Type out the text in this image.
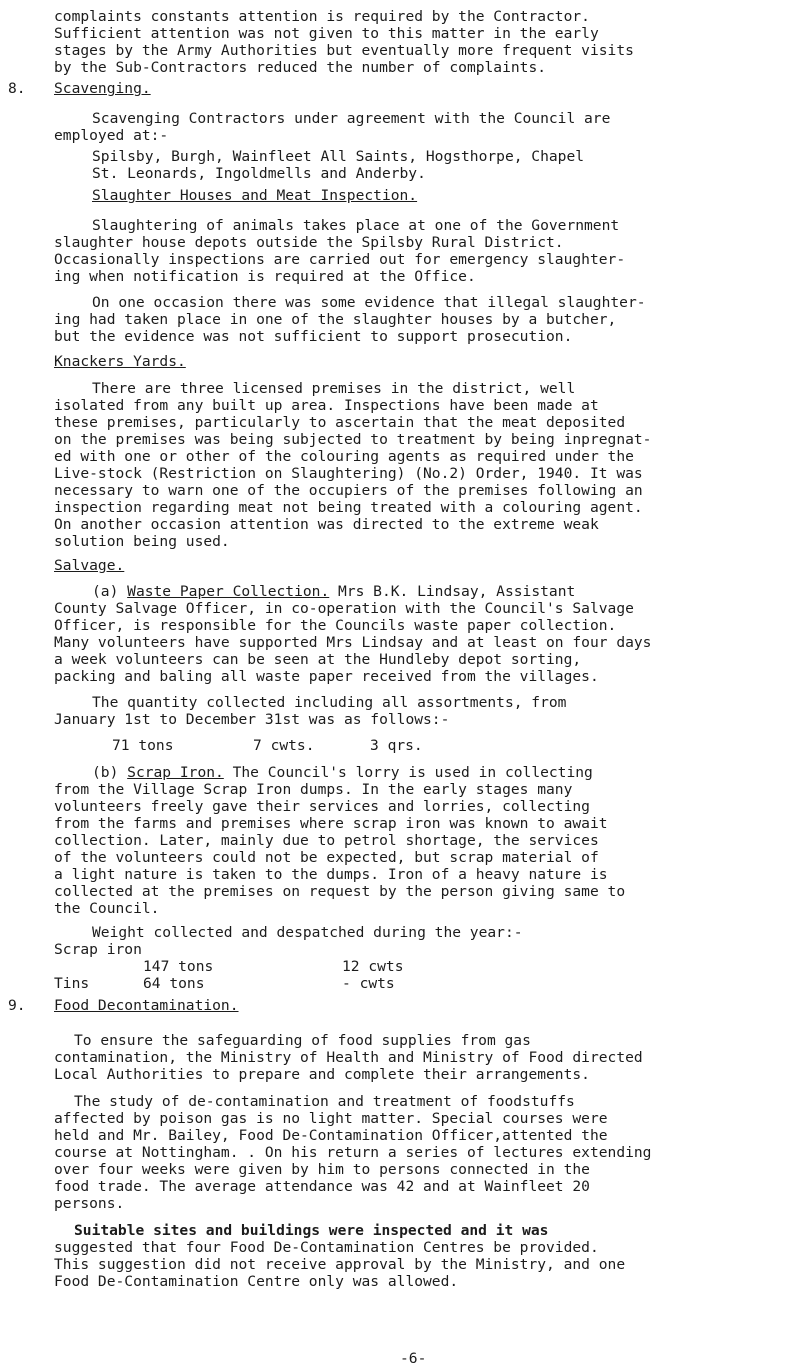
complaints constants attention is required by the Contractor.
Sufficient attention was not given to this matter in the early
stages by the Army Authorities but eventually more frequent visits
by the Sub-Contractors reduced the number of complaints.
8. Scavenging.
Scavenging Contractors under agreement with the Council are
employed at:-
Spilsby, Burgh, Wainfleet All Saints, Hogsthorpe, Chapel
St. Leonards, Ingoldmells and Anderby.
Slaughter Houses and Meat Inspection.
Slaughtering of animals takes place at one of the Government
slaughter house depots outside the Spilsby Rural District.
Occasionally inspections are carried out for emergency slaughter-
ing when notification is required at the Office.
On one occasion there was some evidence that illegal slaughter-
ing had taken place in one of the slaughter houses by a butcher,
but the evidence was not sufficient to support prosecution.
Knackers Yards.
There are three licensed premises in the district, well
isolated from any built up area. Inspections have been made at
these premises, particularly to ascertain that the meat deposited
on the premises was being subjected to treatment by being inpregnat-
ed with one or other of the colouring agents as required under the
Live-stock (Restriction on Slaughtering) (No.2) Order, 1940. It was
necessary to warn one of the occupiers of the premises following an
inspection regarding meat not being treated with a colouring agent.
On another occasion attention was directed to the extreme weak
solution being used.
Salvage.
(a) Waste Paper Collection. Mrs B.K. Lindsay, Assistant
County Salvage Officer, in co-operation with the Council's Salvage
Officer, is responsible for the Councils waste paper collection.
Many volunteers have supported Mrs Lindsay and at least on four days
a week volunteers can be seen at the Hundleby depot sorting,
packing and baling all waste paper received from the villages.
The quantity collected including all assortments, from
January 1st to December 31st was as follows:-
71 tons	7 cwts.	3 qrs.
(b) Scrap Iron. The Council's lorry is used in collecting
from the Village Scrap Iron dumps. In the early stages many
volunteers freely gave their services and lorries, collecting
from the farms and premises where scrap iron was known to await
collection. Later, mainly due to petrol shortage, the services
of the volunteers could not be expected, but scrap material of
a light nature is taken to the dumps. Iron of a heavy nature is
collected at the premises on request by the person giving same to
the Council.
Weight collected and despatched during the year:-
Scrap iron
147 tons	12 cwts
Tins	64 tons	- cwts
9. Food Decontamination.
To ensure the safeguarding of food supplies from gas
contamination, the Ministry of Health and Ministry of Food directed
Local Authorities to prepare and complete their arrangements.
The study of de-contamination and treatment of foodstuffs
affected by poison gas is no light matter. Special courses were
held and Mr. Bailey, Food De-Contamination Officer,attented the
course at Nottingham. . On his return a series of lectures extending
over four weeks were given by him to persons connected in the
food trade. The average attendance was 42 and at Wainfleet 20
persons.
Suitable sites and buildings were inspected and it was
suggested that four Food De-Contamination Centres be provided.
This suggestion did not receive approval by the Ministry, and one
Food De-Contamination Centre only was allowed.
-6-
